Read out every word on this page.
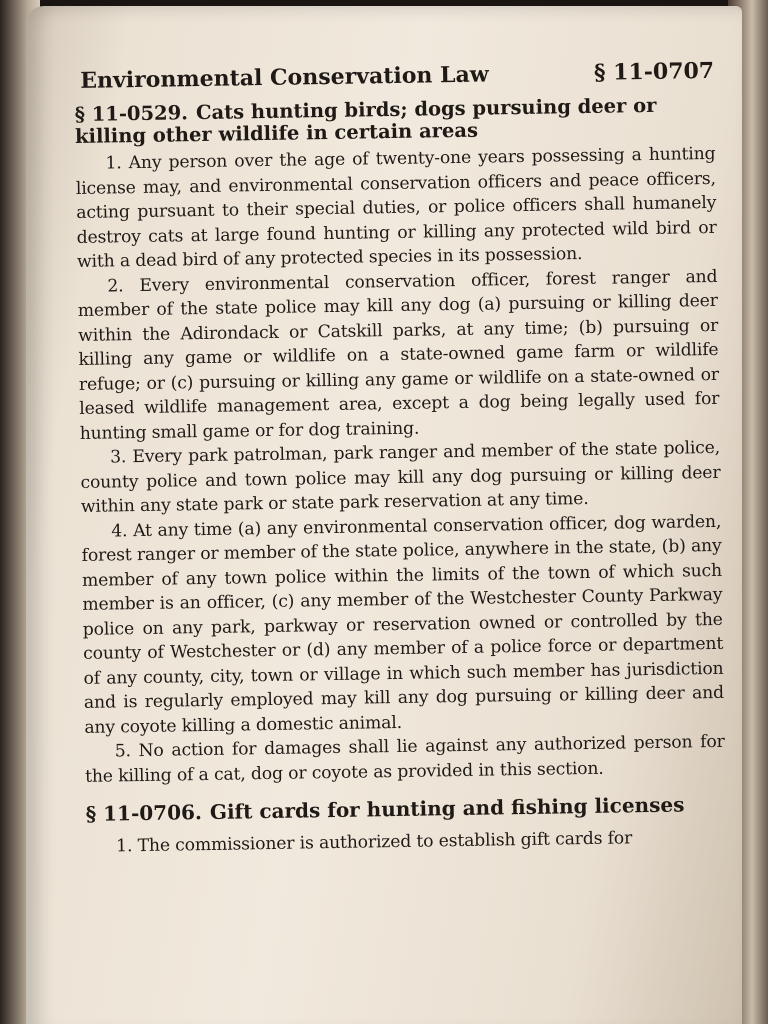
Environmental Conservation Law	§ 11-0707
§ 11-0529. Cats hunting birds; dogs pursuing deer or killing other wildlife in certain areas

1. Any person over the age of twenty-one years possessing a hunting license may, and environmental conservation officers and peace officers, acting pursuant to their special duties, or police officers shall humanely destroy cats at large found hunting or killing any protected wild bird or with a dead bird of any protected species in its possession.

2. Every environmental conservation officer, forest ranger and member of the state police may kill any dog (a) pursuing or killing deer within the Adirondack or Catskill parks, at any time; (b) pursuing or killing any game or wildlife on a state-owned game farm or wildlife refuge; or (c) pursuing or killing any game or wildlife on a state-owned or leased wildlife management area, except a dog being legally used for hunting small game or for dog training.

3. Every park patrolman, park ranger and member of the state police, county police and town police may kill any dog pursuing or killing deer within any state park or state park reservation at any time.

4. At any time (a) any environmental conservation officer, dog warden, forest ranger or member of the state police, anywhere in the state, (b) any member of any town police within the limits of the town of which such member is an officer, (c) any member of the Westchester County Parkway police on any park, parkway or reservation owned or controlled by the county of Westchester or (d) any member of a police force or department of any county, city, town or village in which such member has jurisdiction and is regularly employed may kill any dog pursuing or killing deer and any coyote killing a domestic animal.

5. No action for damages shall lie against any authorized person for the killing of a cat, dog or coyote as provided in this section.

§ 11-0706. Gift cards for hunting and fishing licenses

1. The commissioner is authorized to establish gift cards for
